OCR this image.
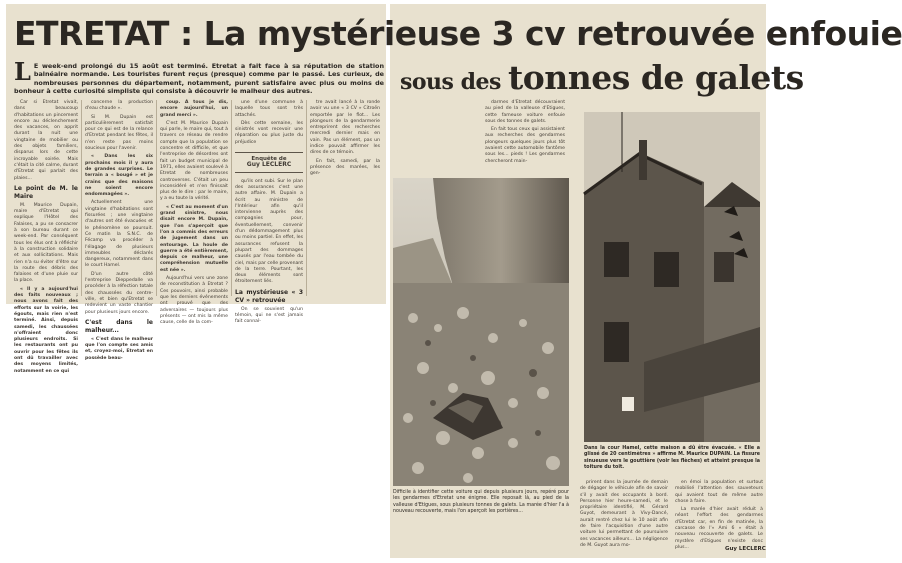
ETRETAT : La mystérieuse 3 cv retrouvée enfouie
sous des tonnes de galets
L E week-end prolongé du 15 août est terminé. Etretat a fait face à sa réputation de station balnéaire normande. Les touristes furent reçus (presque) comme par le passé. Les curieux, de nombreuses personnes du département, notamment, purent satisfaire avec plus ou moins de bonheur à cette curiosité simpliste qui consiste à découvrir le malheur des autres.

Car si Etretat vivait, dans beaucoup d'habitations un pincement encore au déclenchement des vacances, on apprit durant la nuit une vingtaine de mobilier ou des objets familiers, disparus lors de cette incroyable soirée. Mais c'était la cité calme, durant d'Etretat qui parlait des plaies...

Le point de M. le Maire

M. Maurice Dupain, maire d'Etretat qui explique l'Hôtel des Falaises, a pu se consacrer à son bureau durant ce week-end. Par conséquent tous les élus ont à réfléchir à la construction solidaire et aux sollicitations. Mais rien n'a su éviter d'être sur la route des débris des falaises et d'une pluie sur la place.

« Il y a aujourd'hui des faits nouveaux ; nous avons fait des efforts sur la voirie, les égouts, mais rien n'est terminé. Ainsi, depuis samedi, les chaussées n'offraient donc plusieurs endroits. Si les restaurants ont pu ouvrir pour les fêtes ils ont dû travailler avec des moyens limités, notamment en ce qui

concerne la production d'eau chaude ».

Si M. Dupain est particulièrement satisfait pour ce qui est de la relance d'Etretat pendant les fêtes, il n'en reste pas moins soucieux pour l'avenir.

« Dans les six prochains mois il y aura de grandes surprises. Le terrain a « bougé » et je crains que des maisons ne soient encore endommagées ».

Actuellement une vingtaine d'habitations sont fissurées ; une vingtaine d'autres ont été évacuées et le phénomène se poursuit. Ce matin la S.N.C. de Fécamp va procéder à l'élagage de plusieurs immeubles déclarés dangereux, notamment dans le court Hamel.

D'un autre côté l'entreprise Dieppedalle va procéder à la réfection totale des chaussées du centre-ville, et bien qu'Etretat se redevient un vaste chantier pour plusieurs jours encore.

C'est dans le malheur...

« C'est dans le malheur que l'on compte ses amis et, croyez-moi, Etretat en possède beau-

coup. A tous je dis, encore aujourd'hui, un grand merci ».

C'est M. Maurice Dupain qui parle, le maire qui, tout à travers ce réseau de rendre compte que la population se concentre et difficile, et que l'entreprise de désordres ont fait un budget municipal de 1971, elles avaient soulevé à Etretat de nombreuses controverses. C'était un peu inconsidéré et n'en finissait plus de le dire : par le maire, y a eu toute la vérité.

« C'est au moment d'un grand sinistre, nous disait encore M. Dupain, que l'on s'aperçoit que l'on a commis des erreurs de jugement dans un entourage. La houle de guerre a été entièrement, depuis ce malheur, une compréhension mutuelle est née ».

Aujourd'hui vers une zone de reconstitution à Etretat ? Ces pouvoirs, ainsi probable que les derniers événements ont prouvé que des adversaires — toujours plus présents — ont mis la même cause, celle de la com-

une d'une commune à laquelle tous sont très attachés.

Dès cette semaine, les sinistrés vont recevoir une réparation ou plus juste du préjudice

Enquête de
Guy LECLERC

qu'ils ont subi. Sur le plan des assurances c'est une autre affaire. M. Dupain a écrit au ministre de l'Intérieur afin qu'il intervienne auprès des compagnies pour, éventuellement, convenir d'un dédommagement plus ou moins partiel. En effet, les assurances refusent la plupart des dommages causés par l'eau tombée du ciel, mais par celle provenant de la terre. Pourtant, les deux éléments sont étroitement liés.

La mystérieuse « 3 CV » retrouvée

On se souvient qu'un témoin, qui ne s'est jamais fait connaî-

tre avait lancé à la ronde avoir vu une « 3 CV » Citroën emportée par le flot... Les plongeurs de la gendarmerie entreprirent des recherches mercredi dernier mais en vain. Pas un élément, pas un indice pouvait affirmer les dires de ce témoin.

En fait, samedi, par la présence des marées, les gen-

darmes d'Etretat découvraient au pied de la valleuse d'Etigues, cette fameuse voiture enfouie sous des tonnes de galets.

En fait tous ceux qui assistaient aux recherches des gendarmes plongeurs quelques jours plus tôt avaient cette automobile fantôme sous les... pieds ! Les gendarmes chercheront main-

Difficile à identifier cette voiture qui depuis plusieurs jours, repéré pour les gendarmes d'Etretat une énigme. Elle reposait là, au pied de la valleuse d'Etigues, sous plusieurs tonnes de galets. La marée d'hier l'a à nouveau recouverte, mais l'on aperçoit les portières...
Dans la cour Hamel, cette maison a dû être évacuée. « Elle a glissé de 20 centimètres » affirme M. Maurice DUPAIN. La fissure sinueuse vers le gouttière (voir les flèches) et atteint presque la toiture du toit.

prirent dans la journée de demain de dégager le véhicule afin de savoir s'il y avait des occupants à bord. Personne hier heure-samedi, et le propriétaire identifié, M. Gérard Guyot, demeurant à Vivy-Dancé, aurait rentré chez lui le 10 août afin de faire l'acquisition d'une autre voiture lui permettant de poursuivre ses vacances ailleurs... La négligence de M. Guyot aura mo-

en émoi la population et surtout mobilisé l'attention des sauveteurs qui avaient tout de même autre chose à faire.

La marée d'hier avait réduit à néant l'effort des gendarmes d'Etretat car, en fin de matinée, la carcasse de l'« Ami 6 » était à nouveau recouverte de galets. Le mystère d'Etigues n'existe donc plus...	Guy LECLERC
